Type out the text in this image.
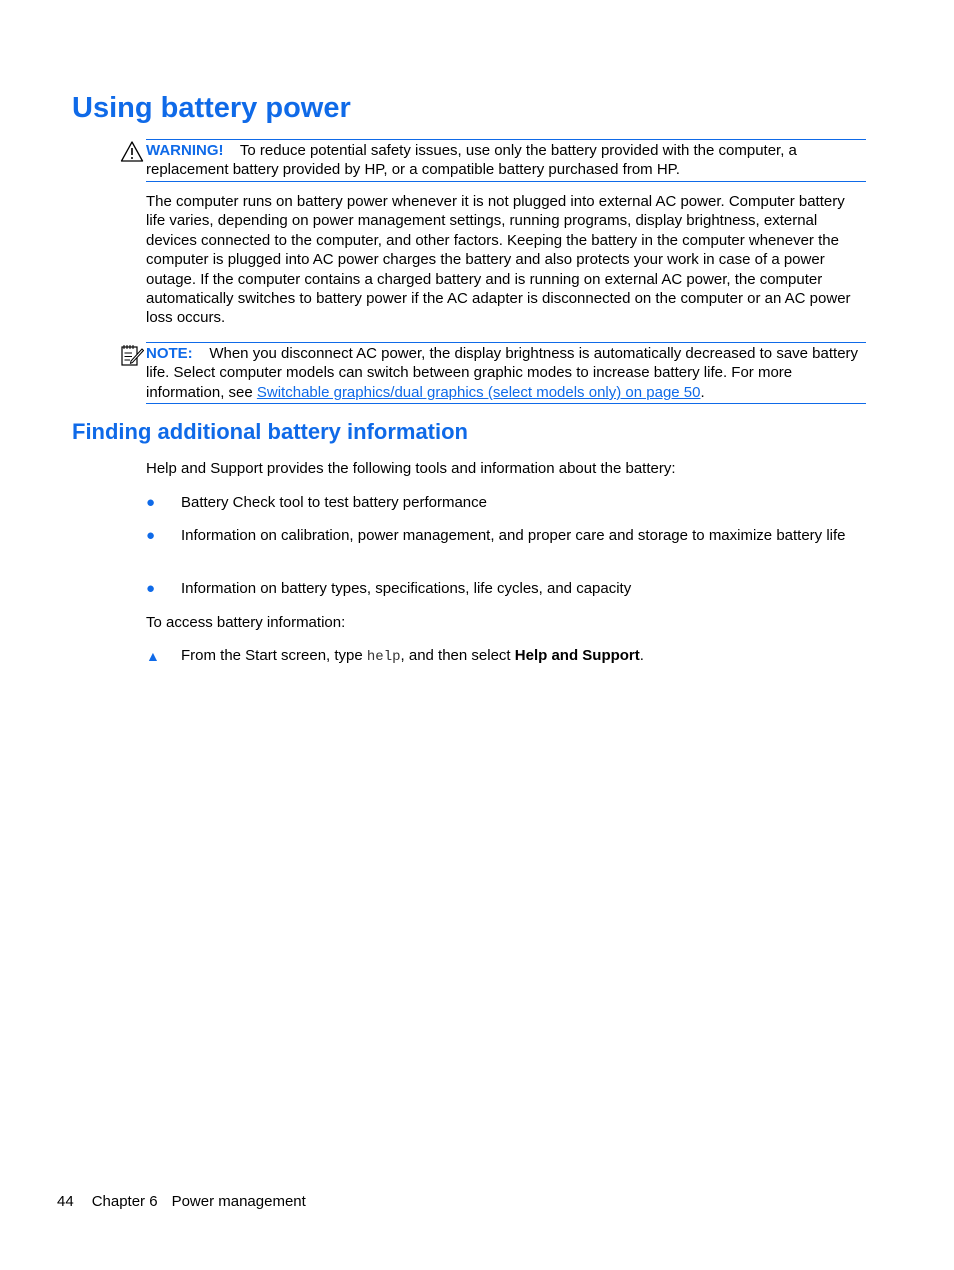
Using battery power
WARNING! To reduce potential safety issues, use only the battery provided with the computer, a replacement battery provided by HP, or a compatible battery purchased from HP.

The computer runs on battery power whenever it is not plugged into external AC power. Computer battery life varies, depending on power management settings, running programs, display brightness, external devices connected to the computer, and other factors. Keeping the battery in the computer whenever the computer is plugged into AC power charges the battery and also protects your work in case of a power outage. If the computer contains a charged battery and is running on external AC power, the computer automatically switches to battery power if the AC adapter is disconnected on the computer or an AC power loss occurs.

NOTE: When you disconnect AC power, the display brightness is automatically decreased to save battery life. Select computer models can switch between graphic modes to increase battery life. For more information, see Switchable graphics/dual graphics (select models only) on page 50.
Finding additional battery information

Help and Support provides the following tools and information about the battery:

●	Battery Check tool to test battery performance
●	Information on calibration, power management, and proper care and storage to maximize battery life
●	Information on battery types, specifications, life cycles, and capacity

To access battery information:

▲ From the Start screen, type help, and then select Help and Support.
44 Chapter 6 Power management
